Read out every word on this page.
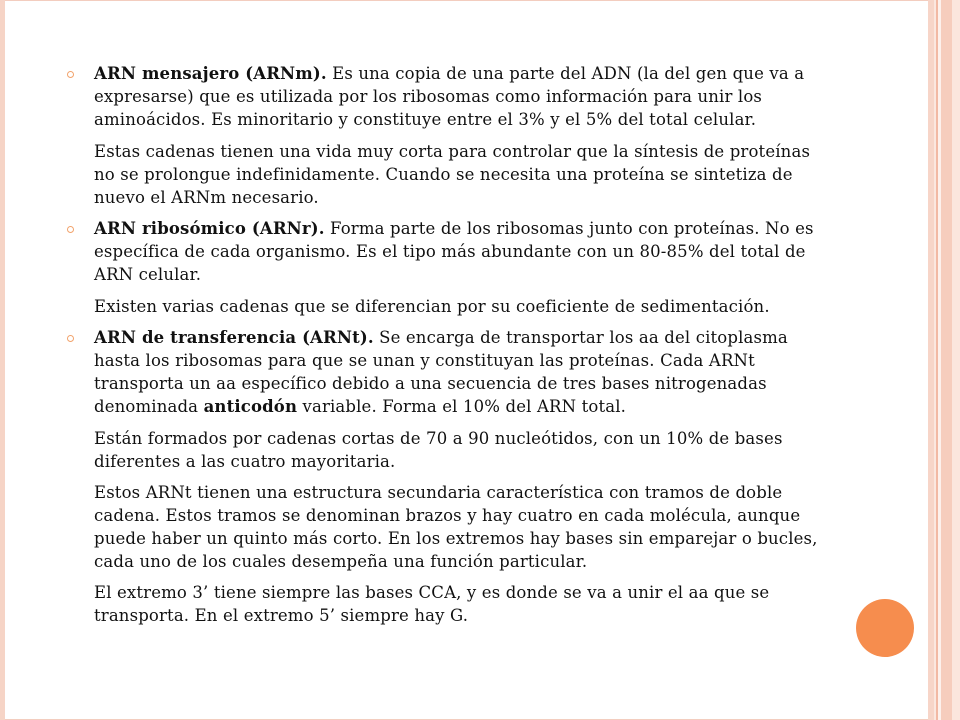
ARN mensajero (ARNm). Es una copia de una parte del ADN (la del gen que va a expresarse) que es utilizada por los ribosomas como información para unir los aminoácidos. Es minoritario y constituye entre el 3% y el 5% del total celular.

Estas cadenas tienen una vida muy corta para controlar que la síntesis de proteínas no se prolongue indefinidamente. Cuando se necesita una proteína se sintetiza de nuevo el ARNm necesario.

ARN ribosómico (ARNr). Forma parte de los ribosomas junto con proteínas. No es específica de cada organismo. Es el tipo más abundante con un 80-85% del total de ARN celular.

Existen varias cadenas que se diferencian por su coeficiente de sedimentación.

ARN de transferencia (ARNt). Se encarga de transportar los aa del citoplasma hasta los ribosomas para que se unan y constituyan las proteínas. Cada ARNt transporta un aa específico debido a una secuencia de tres bases nitrogenadas denominada anticodón variable. Forma el 10% del ARN total.

Están formados por cadenas cortas de 70 a 90 nucleótidos, con un 10% de bases diferentes a las cuatro mayoritaria.

Estos ARNt tienen una estructura secundaria característica con tramos de doble cadena. Estos tramos se denominan brazos y hay cuatro en cada molécula, aunque puede haber un quinto más corto. En los extremos hay bases sin emparejar o bucles, cada uno de los cuales desempeña una función particular.

El extremo 3’ tiene siempre las bases CCA, y es donde se va a unir el aa que se transporta. En el extremo 5’ siempre hay G.
